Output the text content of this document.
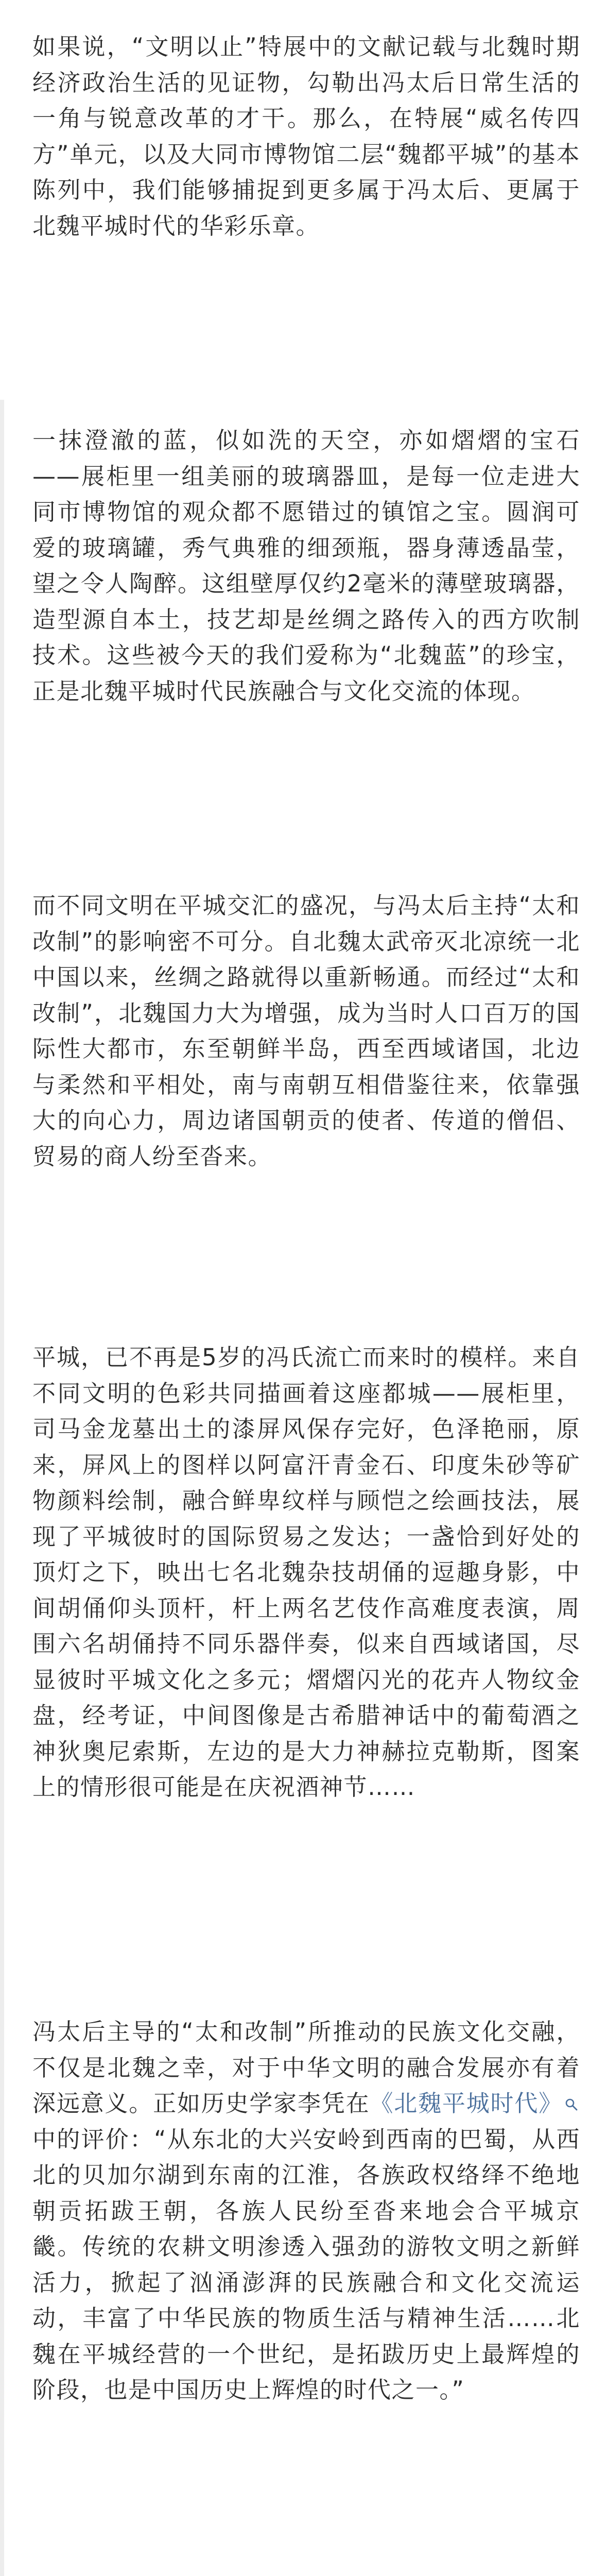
如果说，“文明以止”特展中的文献记载与北魏时期经济政治生活的见证物，勾勒出冯太后日常生活的一角与锐意改革的才干。那么，在特展“威名传四方”单元，以及大同市博物馆二层“魏都平城”的基本陈列中，我们能够捕捉到更多属于冯太后、更属于北魏平城时代的华彩乐章。

一抹澄澈的蓝，似如洗的天空，亦如熠熠的宝石——展柜里一组美丽的玻璃器皿，是每一位走进大同市博物馆的观众都不愿错过的镇馆之宝。圆润可爱的玻璃罐，秀气典雅的细颈瓶，器身薄透晶莹，望之令人陶醉。这组壁厚仅约2毫米的薄壁玻璃器，造型源自本土，技艺却是丝绸之路传入的西方吹制技术。这些被今天的我们爱称为“北魏蓝”的珍宝，正是北魏平城时代民族融合与文化交流的体现。

而不同文明在平城交汇的盛况，与冯太后主持“太和改制”的影响密不可分。自北魏太武帝灭北凉统一北中国以来，丝绸之路就得以重新畅通。而经过“太和改制”，北魏国力大为增强，成为当时人口百万的国际性大都市，东至朝鲜半岛，西至西域诸国，北边与柔然和平相处，南与南朝互相借鉴往来，依靠强大的向心力，周边诸国朝贡的使者、传道的僧侣、贸易的商人纷至沓来。

平城，已不再是5岁的冯氏流亡而来时的模样。来自不同文明的色彩共同描画着这座都城——展柜里，司马金龙墓出土的漆屏风保存完好，色泽艳丽，原来，屏风上的图样以阿富汗青金石、印度朱砂等矿物颜料绘制，融合鲜卑纹样与顾恺之绘画技法，展现了平城彼时的国际贸易之发达；一盏恰到好处的顶灯之下，映出七名北魏杂技胡俑的逗趣身影，中间胡俑仰头顶杆，杆上两名艺伎作高难度表演，周围六名胡俑持不同乐器伴奏，似来自西域诸国，尽显彼时平城文化之多元；熠熠闪光的花卉人物纹金盘，经考证，中间图像是古希腊神话中的葡萄酒之神狄奥尼索斯，左边的是大力神赫拉克勒斯，图案上的情形很可能是在庆祝酒神节……

冯太后主导的“太和改制”所推动的民族文化交融，不仅是北魏之幸，对于中华文明的融合发展亦有着深远意义。正如历史学家李凭在《北魏平城时代》中的评价：“从东北的大兴安岭到西南的巴蜀，从西北的贝加尔湖到东南的江淮，各族政权络绎不绝地朝贡拓跋王朝，各族人民纷至沓来地会合平城京畿。传统的农耕文明渗透入强劲的游牧文明之新鲜活力，掀起了汹涌澎湃的民族融合和文化交流运动，丰富了中华民族的物质生活与精神生活……北魏在平城经营的一个世纪，是拓跋历史上最辉煌的阶段，也是中国历史上辉煌的时代之一。”
